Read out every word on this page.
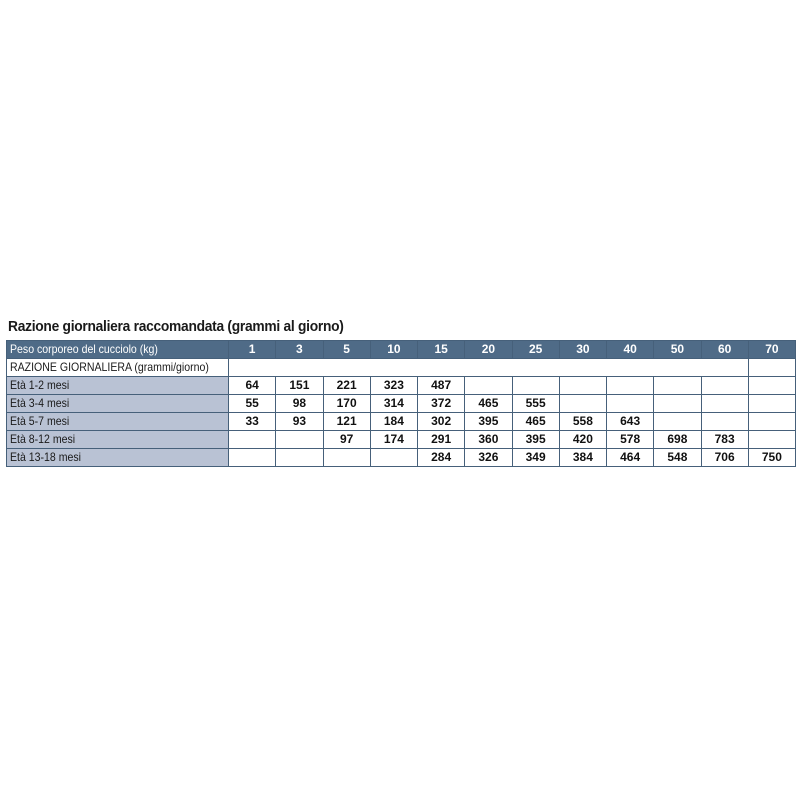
Razione giornaliera raccomandata (grammi al giorno)
Peso corporeo del cucciolo (kg)	1	3	5	10	15	20	25	30	40	50	60	70
RAZIONE GIORNALIERA (grammi/giorno)												
Età 1-2 mesi	64	151	221	323	487							
Età 3-4 mesi	55	98	170	314	372	465	555					
Età 5-7 mesi	33	93	121	184	302	395	465	558	643			
Età 8-12 mesi			97	174	291	360	395	420	578	698	783	
Età 13-18 mesi					284	326	349	384	464	548	706	750
